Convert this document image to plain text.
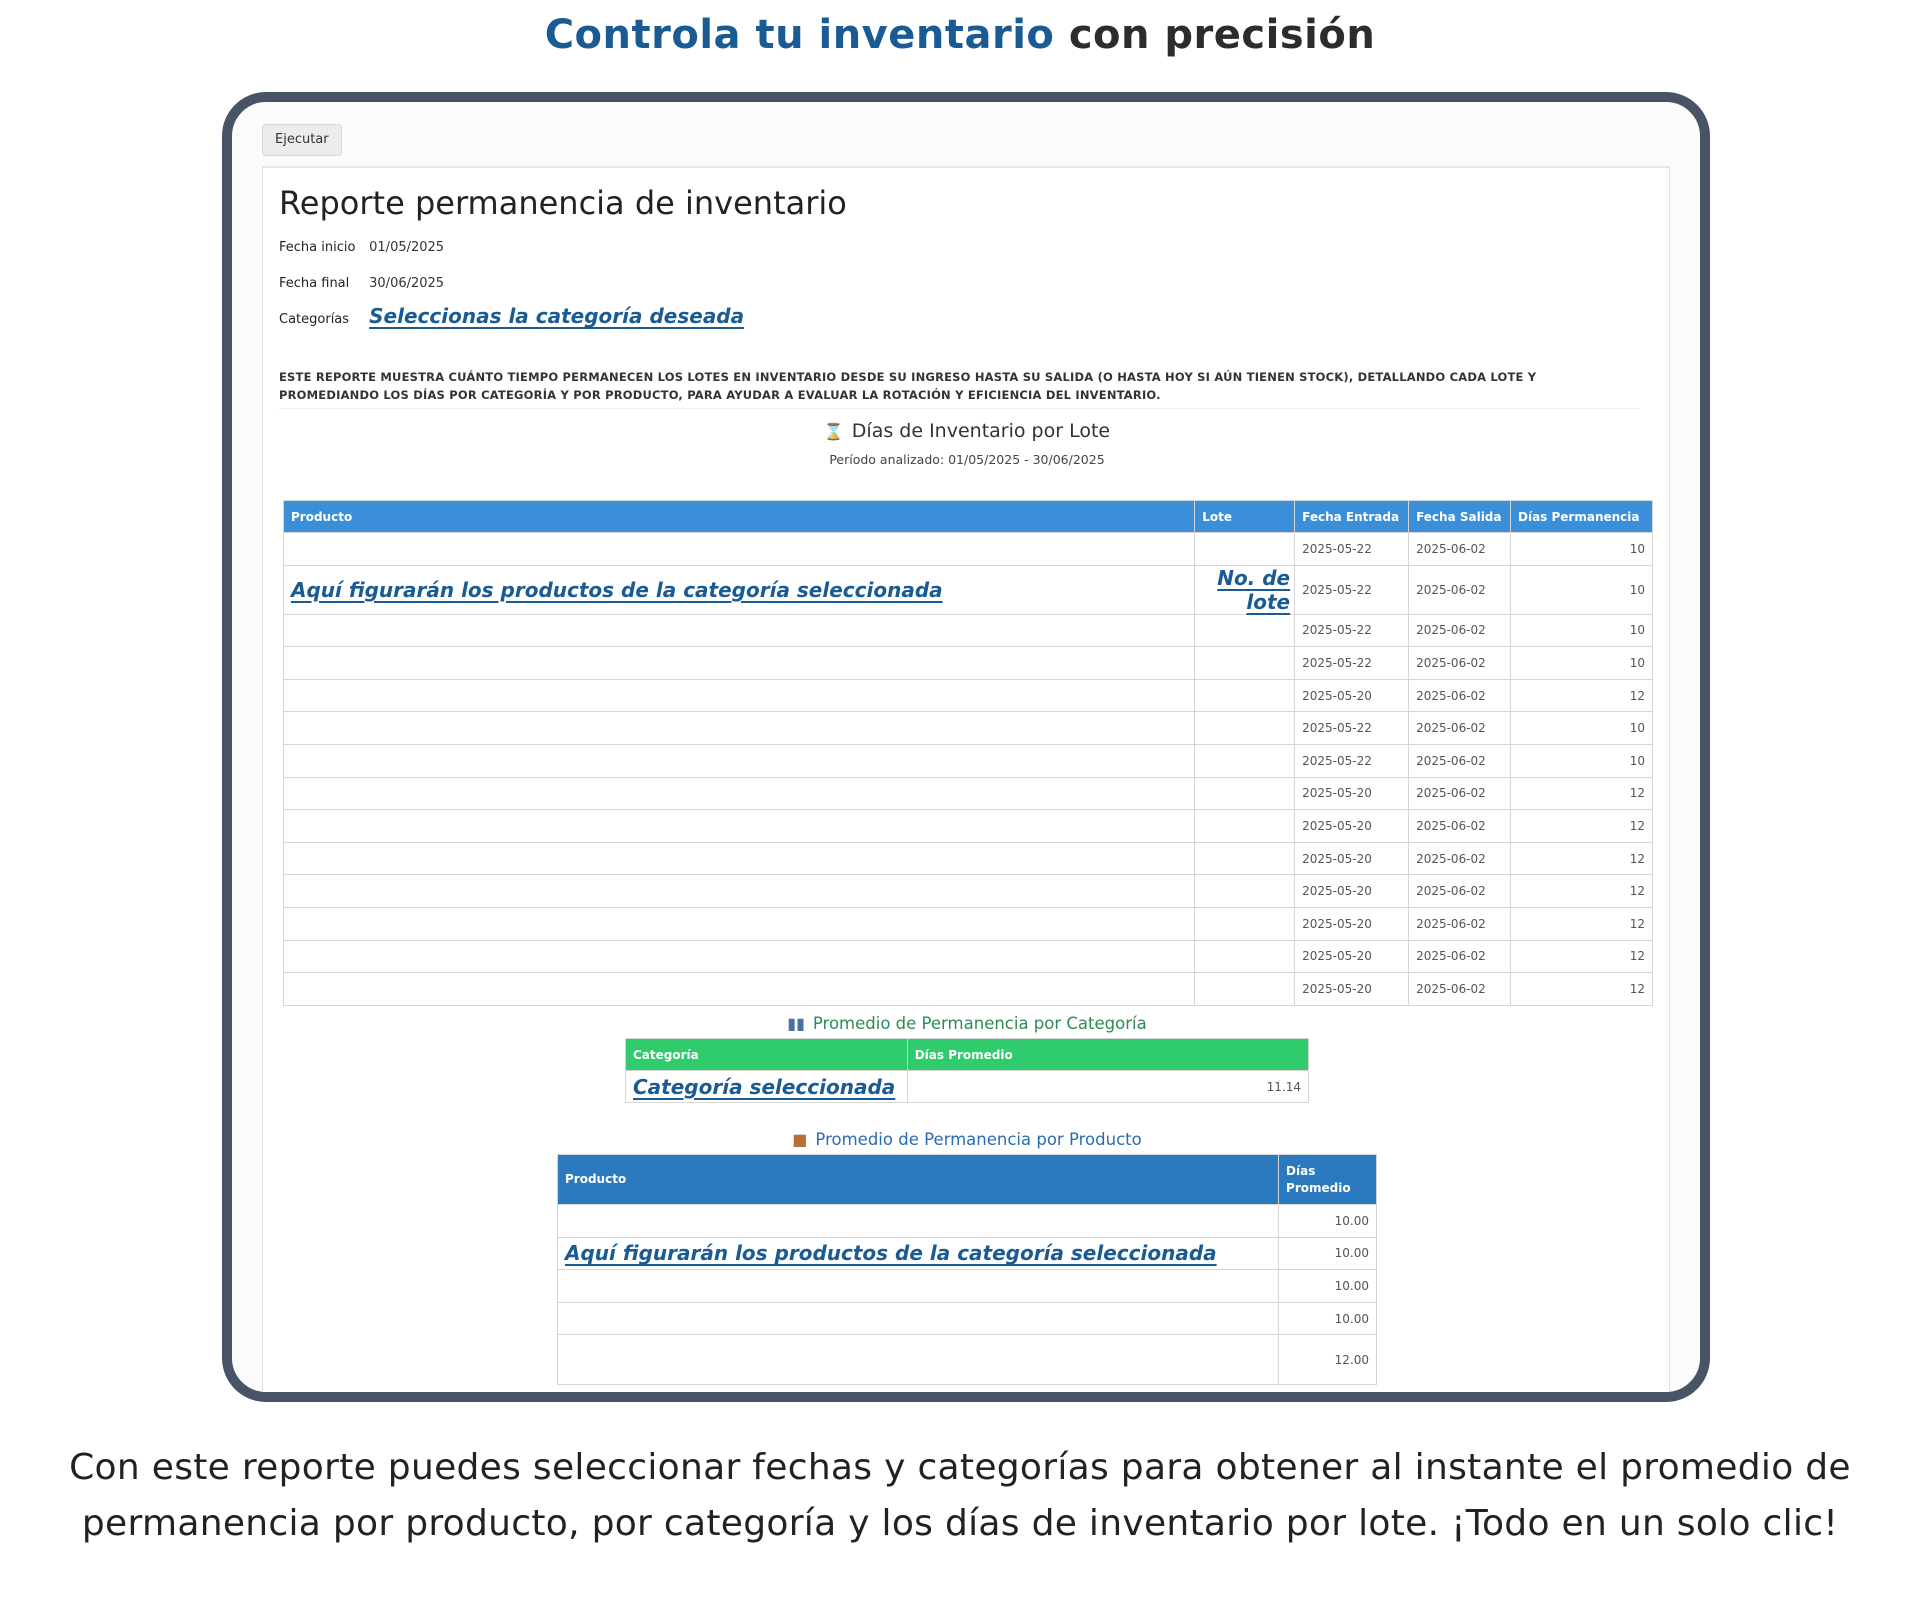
Controla tu inventario con precisión
Ejecutar
Reporte permanencia de inventario
Fecha inicio 01/05/2025
Fecha final 30/06/2025
Categorías Seleccionas la categoría deseada
ESTE REPORTE MUESTRA CUÁNTO TIEMPO PERMANECEN LOS LOTES EN INVENTARIO DESDE SU INGRESO HASTA SU SALIDA (O HASTA HOY SI AÚN TIENEN STOCK), DETALLANDO CADA LOTE Y PROMEDIANDO LOS DÍAS POR CATEGORÍA Y POR PRODUCTO, PARA AYUDAR A EVALUAR LA ROTACIÓN Y EFICIENCIA DEL INVENTARIO.
⌛ Días de Inventario por Lote
Período analizado: 01/05/2025 - 30/06/2025
Producto	Lote	Fecha Entrada	Fecha Salida	Días Permanencia
		2025-05-22	2025-06-02	10
Aquí figurarán los productos de la categoría seleccionada	No. de lote	2025-05-22	2025-06-02	10
		2025-05-22	2025-06-02	10
		2025-05-22	2025-06-02	10
		2025-05-20	2025-06-02	12
		2025-05-22	2025-06-02	10
		2025-05-22	2025-06-02	10
		2025-05-20	2025-06-02	12
		2025-05-20	2025-06-02	12
		2025-05-20	2025-06-02	12
		2025-05-20	2025-06-02	12
		2025-05-20	2025-06-02	12
		2025-05-20	2025-06-02	12
		2025-05-20	2025-06-02	12
▮▮ Promedio de Permanencia por Categoría
Categoría	Días Promedio
Categoría seleccionada	11.14
■ Promedio de Permanencia por Producto
Producto	Días
Promedio
	10.00
Aquí figurarán los productos de la categoría seleccionada	10.00
	10.00
	10.00
	12.00
Con este reporte puedes seleccionar fechas y categorías para obtener al instante el promedio de permanencia por producto, por categoría y los días de inventario por lote. ¡Todo en un solo clic!
